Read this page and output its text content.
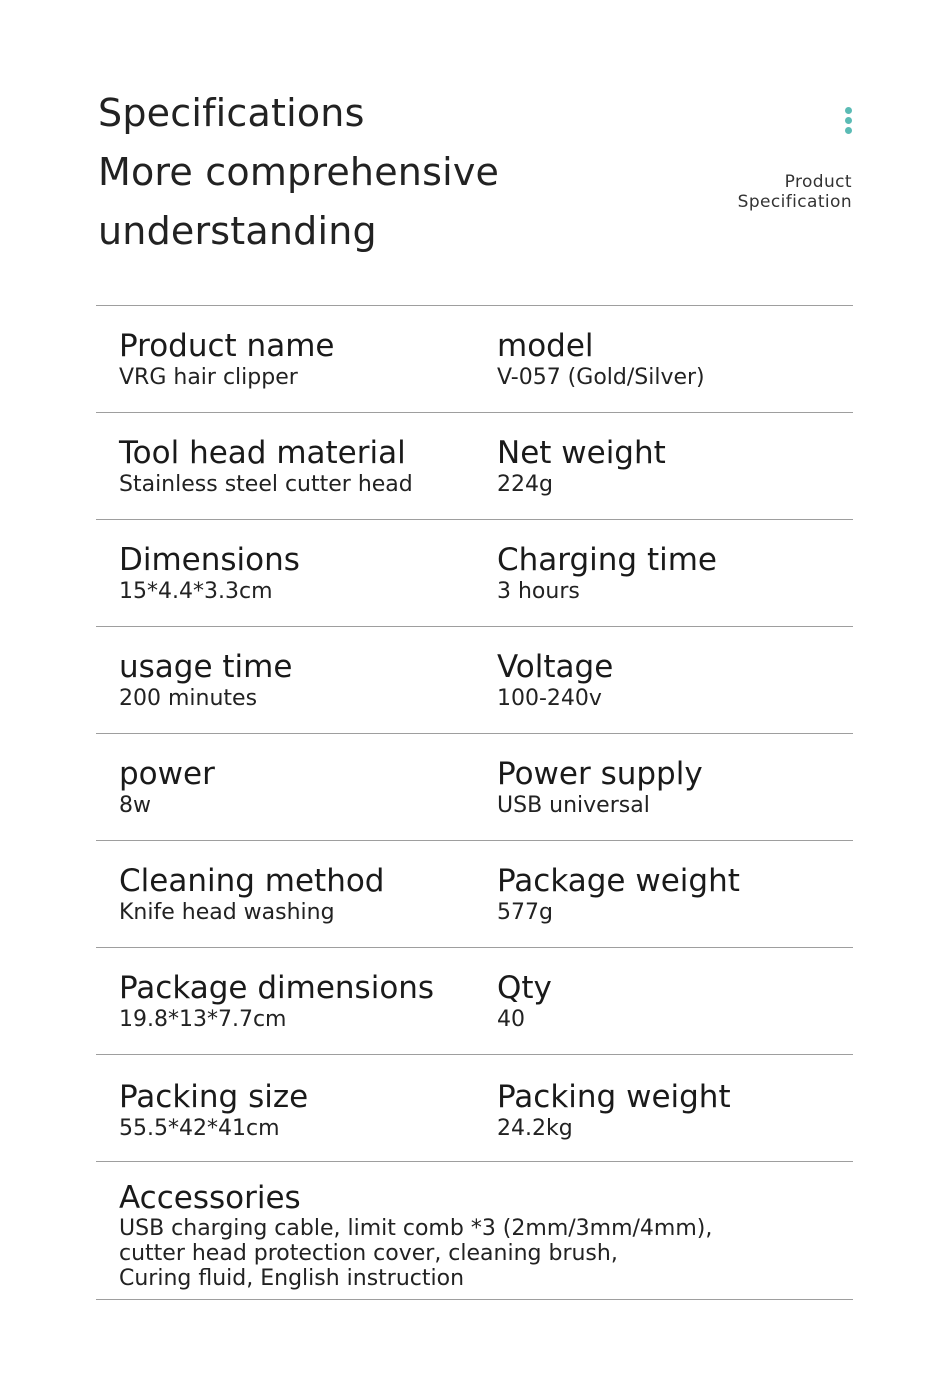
Specifications
More comprehensive
understanding
Product
Specification
Product name
VRG hair clipper
model
V-057 (Gold/Silver)
Tool head material
Stainless steel cutter head
Net weight
224g
Dimensions
15*4.4*3.3cm
Charging time
3 hours
usage time
200 minutes
Voltage
100-240v
power
8w
Power supply
USB universal
Cleaning method
Knife head washing
Package weight
577g
Package dimensions
19.8*13*7.7cm
Qty
40
Packing size
55.5*42*41cm
Packing weight
24.2kg
Accessories
USB charging cable, limit comb *3 (2mm/3mm/4mm),
cutter head protection cover, cleaning brush,
Curing fluid, English instruction
